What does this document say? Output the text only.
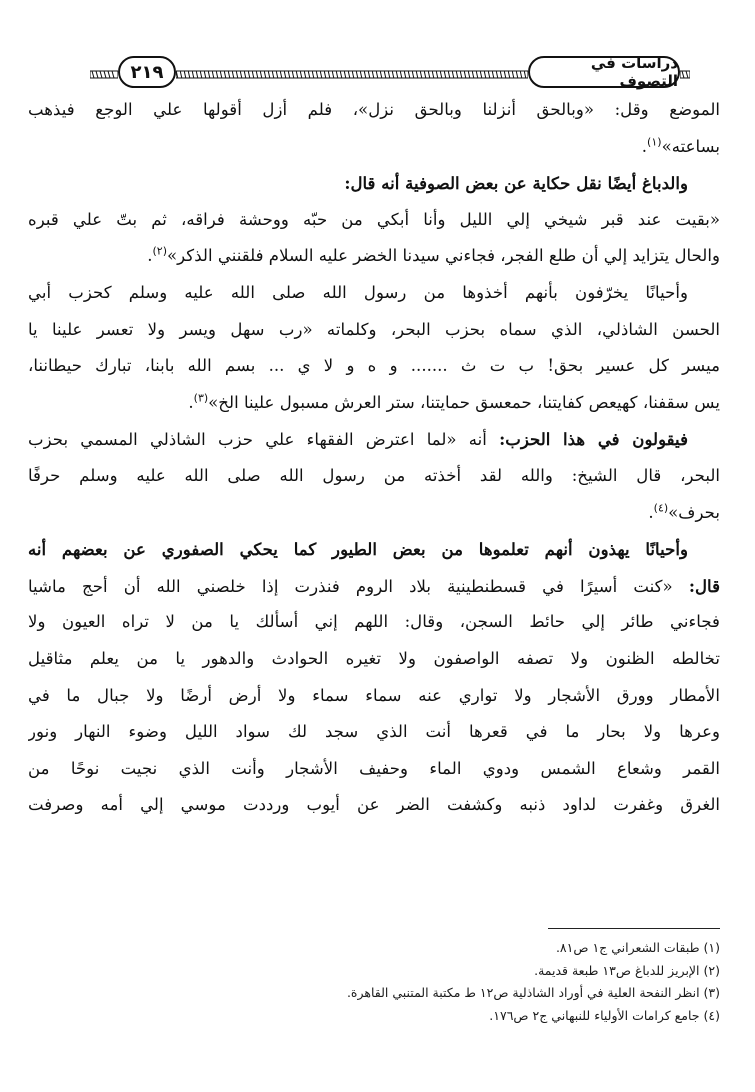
٢١٩	دراسات في التصوف
الموضع وقل: «وبالحق أنزلنا وبالحق نزل»، فلم أزل أقولها علي الوجع فيذهب
بساعته»$^{(١)}$.
والدباغ أيضًا نقل حكاية عن بعض الصوفية أنه قال:
«بقيت عند قبر شيخي إلي الليل وأنا أبكي من حبّه ووحشة فراقه، ثم بتّ علي قبره
والحال يتزايد إلي أن طلع الفجر، فجاءني سيدنا الخضر عليه السلام فلقنني الذكر»$^{(٢)}$.
وأحيانًا يخرّفون بأنهم أخذوها من رسول الله صلى الله عليه وسلم كحزب أبي
الحسن الشاذلي، الذي سماه بحزب البحر، وكلماته «رب سهل ويسر ولا تعسر علينا يا
ميسر كل عسير بحق! ب ت ث ....... و ه و لا ي ... بسم الله بابنا، تبارك حيطاننا،
يس سقفنا، كهيعص كفايتنا، حمعسق حمايتنا، ستر العرش مسبول علينا الخ»$^{(٣)}$.
فيقولون في هذا الحزب: أنه «لما اعترض الفقهاء علي حزب الشاذلي المسمي بحزب
البحر، قال الشيخ: والله لقد أخذته من رسول الله صلى الله عليه وسلم حرفًا
بحرف»$^{(٤)}$.
وأحيانًا يهذون أنهم تعلموها من بعض الطيور كما يحكي الصفوري عن بعضهم أنه
قال: «كنت أسيرًا في قسطنطينية بلاد الروم فنذرت إذا خلصني الله أن أحج ماشيا
فجاءني طائر إلي حائط السجن، وقال: اللهم إني أسألك يا من لا تراه العيون ولا
تخالطه الظنون ولا تصفه الواصفون ولا تغيره الحوادث والدهور يا من يعلم مثاقيل
الأمطار وورق الأشجار ولا تواري عنه سماء سماء ولا أرض أرضًا ولا جبال ما في
وعرها ولا بحار ما في قعرها أنت الذي سجد لك سواد الليل وضوء النهار ونور
القمر وشعاع الشمس ودوي الماء وحفيف الأشجار وأنت الذي نجيت نوحًا من
الغرق وغفرت لداود ذنبه وكشفت الضر عن أيوب ورددت موسي إلي أمه وصرفت
(١) طبقات الشعراني ج١ ص٨١.
(٢) الإبريز للدباغ ص١٣ طبعة قديمة.
(٣) انظر النفحة العلية في أوراد الشاذلية ص١٢ ط مكتبة المتنبي القاهرة.
(٤) جامع كرامات الأولياء للنبهاني ج٢ ص١٧٦.
